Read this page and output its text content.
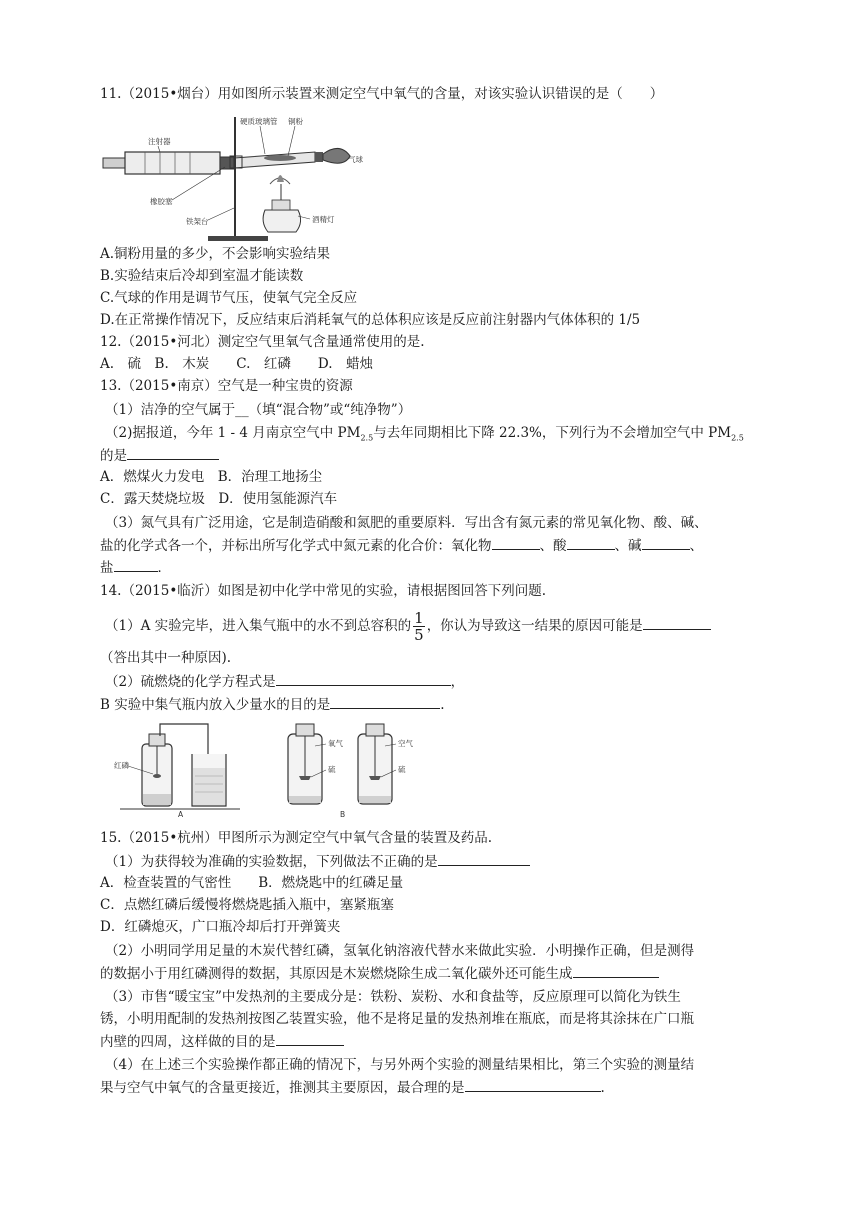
11.（2015•烟台）用如图所示装置来测定空气中氧气的含量，对该实验认识错误的是（　　）
注射器
硬质玻璃管 铜粉
气球
橡胶塞
铁架台	酒精灯
A.铜粉用量的多少，不会影响实验结果
B.实验结束后冷却到室温才能读数
C.气球的作用是调节气压，使氧气完全反应
D.在正常操作情况下，反应结束后消耗氧气的总体积应该是反应前注射器内气体体积的 1/5
12.（2015•河北）测定空气里氧气含量通常使用的是.
A.　硫　B.　木炭　　C.　红磷　　D.　蜡烛
13.（2015•南京）空气是一种宝贵的资源
（1）洁净的空气属于__（填“混合物”或“纯净物”）
（2)据报道，今年 1 - 4 月南京空气中 $PM_{2.5}$与去年同期相比下降 22.3%，下列行为不会增加空气中 $PM_{2.5}$
的是
A．燃煤火力发电　B．治理工地扬尘
C．露天焚烧垃圾　D．使用氢能源汽车
（3）氮气具有广泛用途，它是制造硝酸和氮肥的重要原料．写出含有氮元素的常见氧化物、酸、碱、
盐的化学式各一个，并标出所写化学式中氮元素的化合价：氧化物	、酸	、碱	、
盐	．
14.（2015•临沂）如图是初中化学中常见的实验，请根据图回答下列问题.
（1）A 实验完毕，进入集气瓶中的水不到总容积的 $\frac{1}{5}$ ，你认为导致这一结果的原因可能是
（答出其中一种原因).
（2）硫燃烧的化学方程式是	，
B 实验中集气瓶内放入少量水的目的是	.
红磷
A
氧气
硫
空气
硫
B
15.（2015•杭州）甲图所示为测定空气中氧气含量的装置及药品.
（1）为获得较为准确的实验数据，下列做法不正确的是
A．检查装置的气密性　　B．燃烧匙中的红磷足量
C．点燃红磷后缓慢将燃烧匙插入瓶中，塞紧瓶塞
D．红磷熄灭，广口瓶冷却后打开弹簧夹
（2）小明同学用足量的木炭代替红磷，氢氧化钠溶液代替水来做此实验．小明操作正确，但是测得
的数据小于用红磷测得的数据，其原因是木炭燃烧除生成二氧化碳外还可能生成
（3）市售“暖宝宝”中发热剂的主要成分是：铁粉、炭粉、水和食盐等，反应原理可以简化为铁生
锈，小明用配制的发热剂按图乙装置实验，他不是将足量的发热剂堆在瓶底，而是将其涂抹在广口瓶
内壁的四周，这样做的目的是
（4）在上述三个实验操作都正确的情况下，与另外两个实验的测量结果相比，第三个实验的测量结
果与空气中氧气的含量更接近，推测其主要原因，最合理的是	.
